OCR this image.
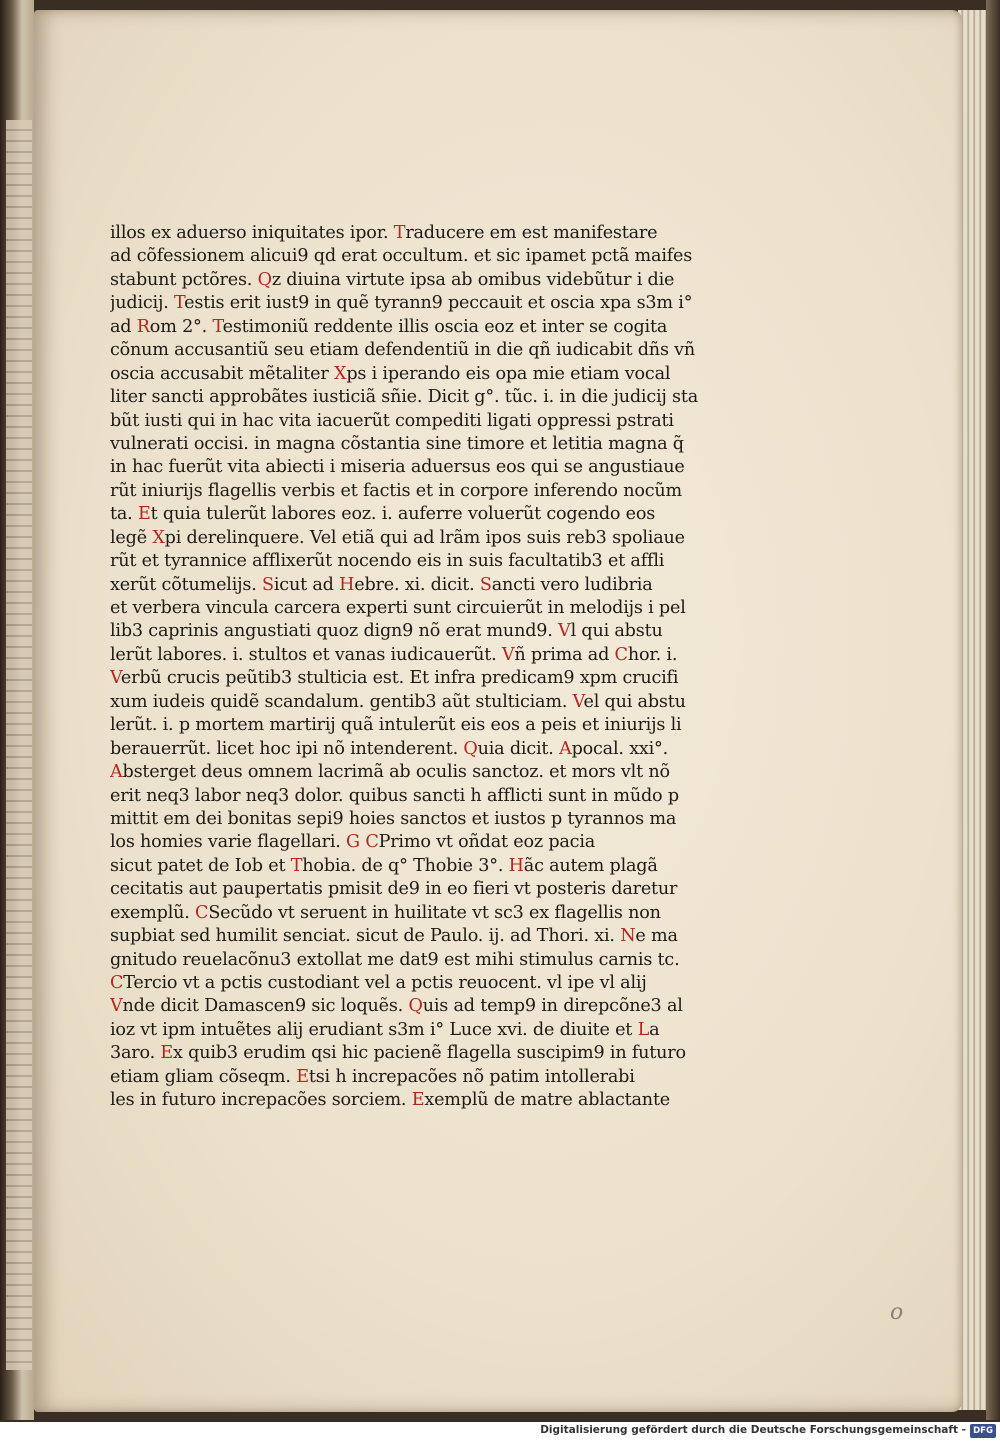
illos ex aduerso iniquitates ipor. Traducere em est manifestare
ad cõfessionem alicui9 qd erat occultum. et sic ipamet pctã maifes
stabunt pctõres. Qz diuina virtute ipsa ab omibus videbũtur i die
judicij. Testis erit iust9 in quẽ tyrann9 peccauit et oscia xpa s3m i°
ad Rom 2°. Testimoniũ reddente illis oscia eoz et inter se cogita
cõnum accusantiũ seu etiam defendentiũ in die qñ iudicabit dñs vñ
oscia accusabit mẽtaliter Xps i iperando eis opa mie etiam vocal
liter sancti approbãtes iusticiã sñie. Dicit g°. tũc. i. in die judicij sta
bũt iusti qui in hac vita iacuerũt compediti ligati oppressi pstrati
vulnerati occisi. in magna cõstantia sine timore et letitia magna q̃
in hac fuerũt vita abiecti i miseria aduersus eos qui se angustiaue
rũt iniurijs flagellis verbis et factis et in corpore inferendo nocũm
ta. Et quia tulerũt labores eoz. i. auferre voluerũt cogendo eos
legẽ Xpi derelinquere. Vel etiã qui ad lrãm ipos suis reb3 spoliaue
rũt et tyrannice afflixerũt nocendo eis in suis facultatib3 et affli
xerũt cõtumelijs. Sicut ad Hebre. xi. dicit. Sancti vero ludibria
et verbera vincula carcera experti sunt circuierũt in melodijs i pel
lib3 caprinis angustiati quoz dign9 nõ erat mund9. Vl qui abstu
lerũt labores. i. stultos et vanas iudicauerũt. Vñ prima ad Chor. i.
Verbũ crucis peũtib3 stulticia est. Et infra predicam9 xpm crucifi
xum iudeis quidẽ scandalum. gentib3 aũt stulticiam. Vel qui abstu
lerũt. i. p mortem martirij quã intulerũt eis eos a peis et iniurijs li
berauerrũt. licet hoc ipi nõ intenderent. Quia dicit. Apocal. xxi°.
Absterget deus omnem lacrimã ab oculis sanctoz. et mors vlt nõ
erit neq3 labor neq3 dolor. quibus sancti h afflicti sunt in mũdo p
mittit em dei bonitas sepi9 hoies sanctos et iustos p tyrannos ma
los homies varie flagellari. G CPrimo vt oñdat eoz pacia
sicut patet de Iob et Thobia. de q° Thobie 3°. Hãc autem plagã
cecitatis aut paupertatis pmisit de9 in eo fieri vt posteris daretur
exemplũ. CSecũdo vt seruent in huilitate vt sc3 ex flagellis non
supbiat sed humilit senciat. sicut de Paulo. ij. ad Thori. xi. Ne ma
gnitudo reuelacõnu3 extollat me dat9 est mihi stimulus carnis tc.
CTercio vt a pctis custodiant vel a pctis reuocent. vl ipe vl alij
Vnde dicit Damascen9 sic loquẽs. Quis ad temp9 in direpcõne3 al
ioz vt ipm intuẽtes alij erudiant s3m i° Luce xvi. de diuite et La
3aro. Ex quib3 erudim qsi hic pacienẽ flagella suscipim9 in futuro
etiam gliam cõseqm. Etsi h increpacões nõ patim intollerabi
les in futuro increpacões sorciem. Exemplũ de matre ablactante
o
Digitalisierung gefördert durch die Deutsche Forschungsgemeinschaft - DFG
